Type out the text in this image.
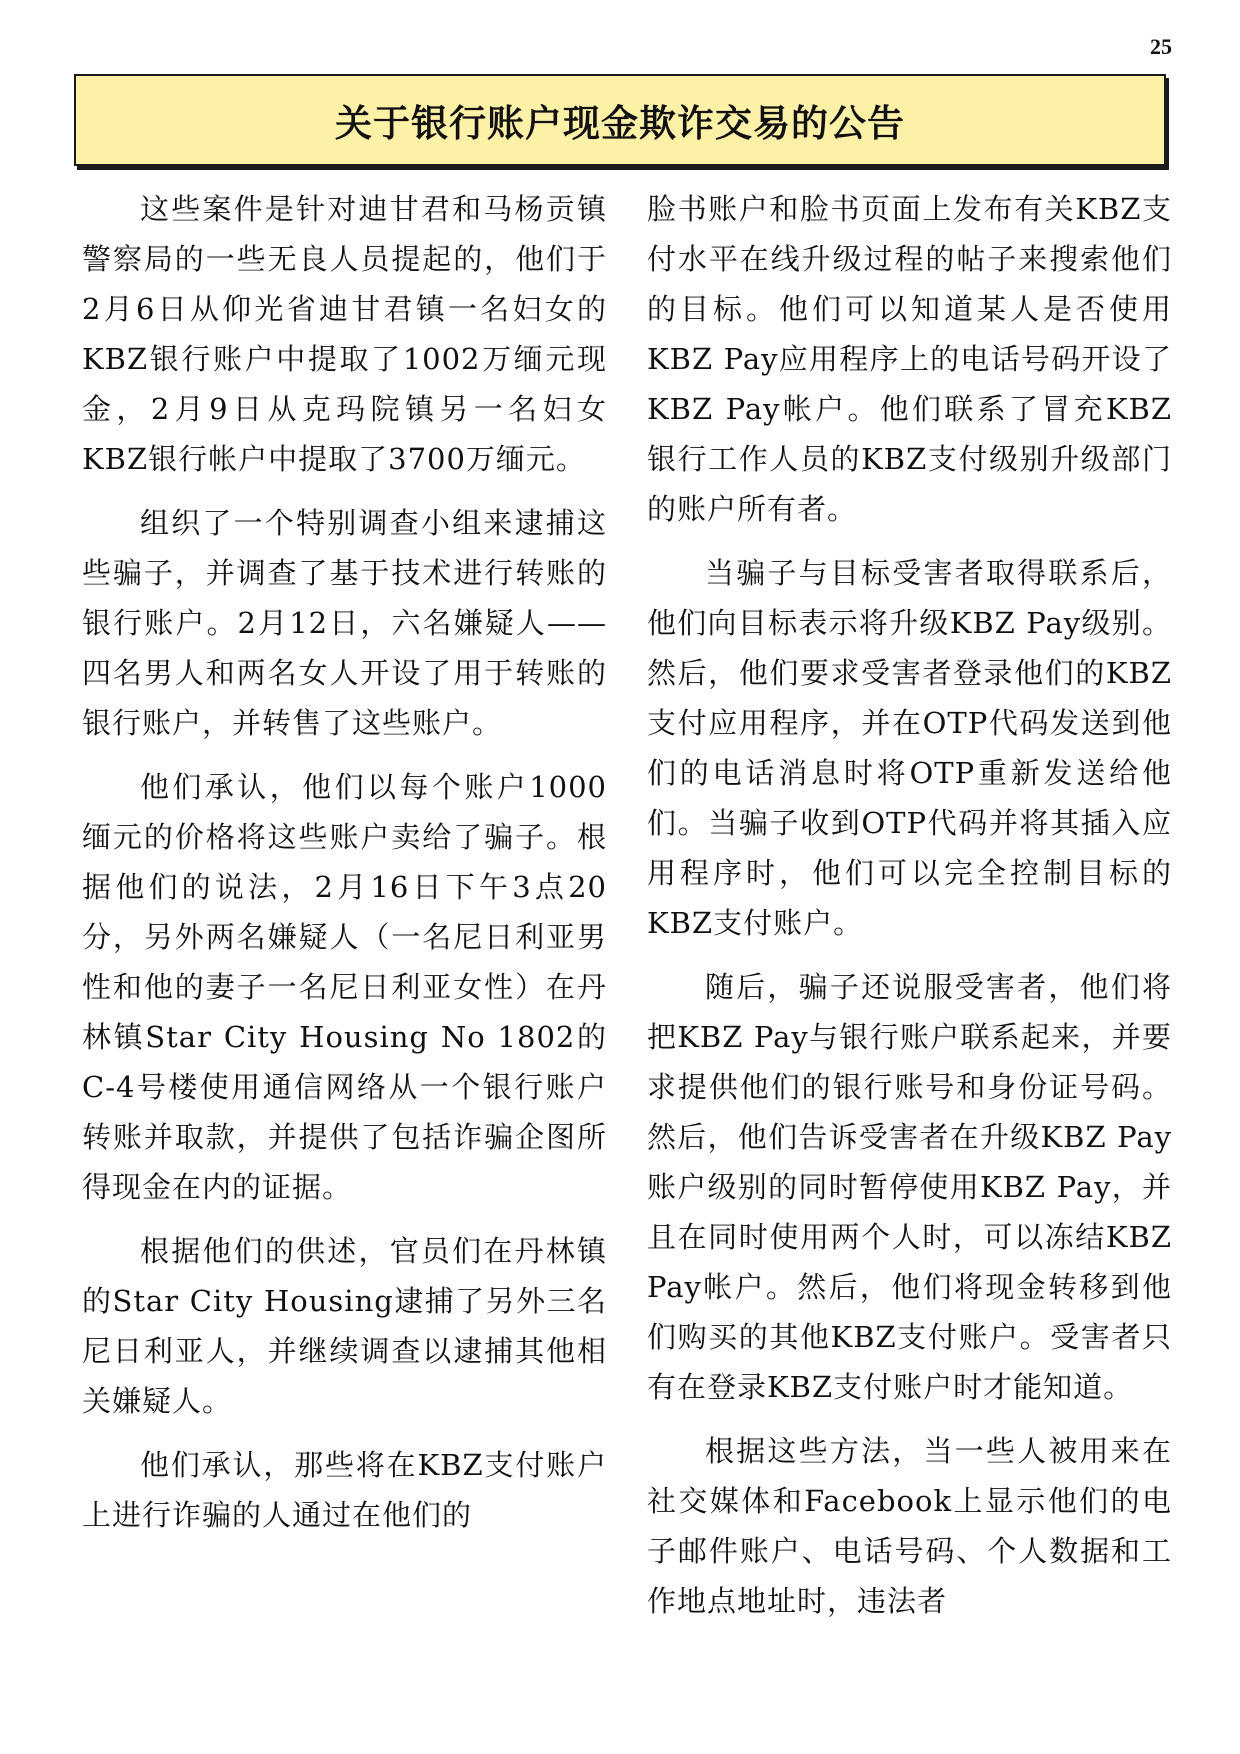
25
关于银行账户现金欺诈交易的公告

这些案件是针对迪甘君和马杨贡镇警察局的一些无良人员提起的，他们于2月6日从仰光省迪甘君镇一名妇女的KBZ银行账户中提取了1002万缅元现金，2月9日从克玛院镇另一名妇女KBZ银行帐户中提取了3700万缅元。

组织了一个特别调查小组来逮捕这些骗子，并调查了基于技术进行转账的银行账户。2月12日，六名嫌疑人——四名男人和两名女人开设了用于转账的银行账户，并转售了这些账户。

他们承认，他们以每个账户1000缅元的价格将这些账户卖给了骗子。根据他们的说法，2月16日下午3点20分，另外两名嫌疑人（一名尼日利亚男性和他的妻子一名尼日利亚女性）在丹林镇Star City Housing No 1802的C-4号楼使用通信网络从一个银行账户转账并取款，并提供了包括诈骗企图所得现金在内的证据。

根据他们的供述，官员们在丹林镇的Star City Housing逮捕了另外三名尼日利亚人，并继续调查以逮捕其他相关嫌疑人。

他们承认，那些将在KBZ支付账户上进行诈骗的人通过在他们的

脸书账户和脸书页面上发布有关KBZ支付水平在线升级过程的帖子来搜索他们的目标。他们可以知道某人是否使用KBZ Pay应用程序上的电话号码开设了KBZ Pay帐户。他们联系了冒充KBZ银行工作人员的KBZ支付级别升级部门的账户所有者。

当骗子与目标受害者取得联系后，他们向目标表示将升级KBZ Pay级别。然后，他们要求受害者登录他们的KBZ支付应用程序，并在OTP代码发送到他们的电话消息时将OTP重新发送给他们。当骗子收到OTP代码并将其插入应用程序时，他们可以完全控制目标的KBZ支付账户。

随后，骗子还说服受害者，他们将把KBZ Pay与银行账户联系起来，并要求提供他们的银行账号和身份证号码。然后，他们告诉受害者在升级KBZ Pay账户级别的同时暂停使用KBZ Pay，并且在同时使用两个人时，可以冻结KBZ Pay帐户。然后，他们将现金转移到他们购买的其他KBZ支付账户。受害者只有在登录KBZ支付账户时才能知道。

根据这些方法，当一些人被用来在社交媒体和Facebook上显示他们的电子邮件账户、电话号码、个人数据和工作地点地址时，违法者
